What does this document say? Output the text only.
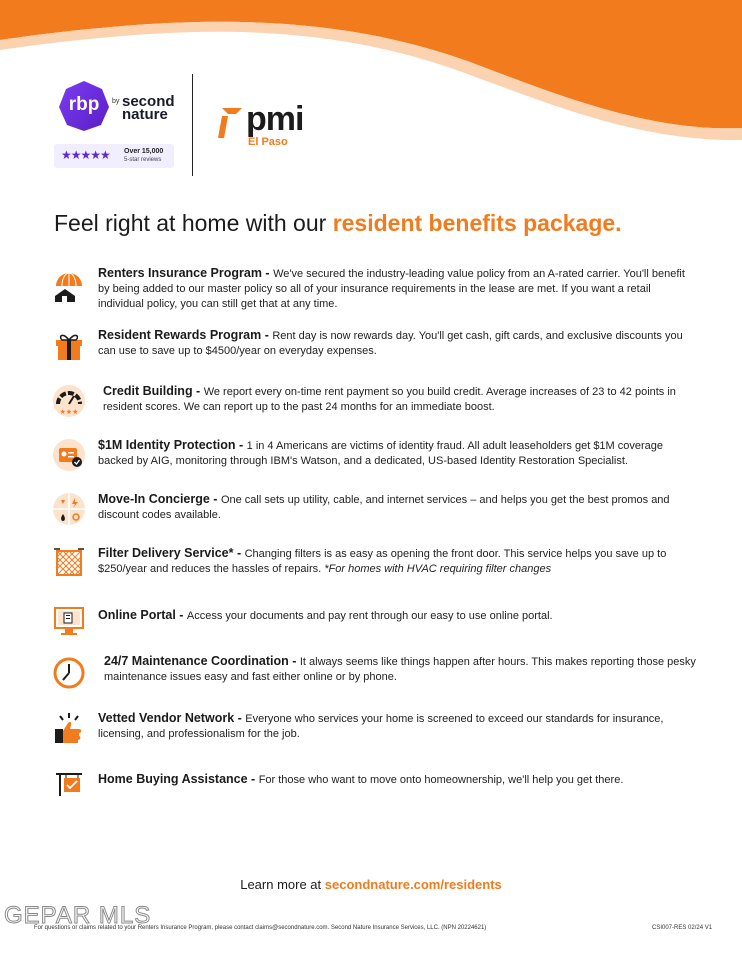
rbp	by second nature
★★★★★ Over 15,000
5-star reviews
pmi
El Paso
Feel right at home with our resident benefits package.
Renters Insurance Program - We've secured the industry-leading value policy from an A-rated carrier. You'll benefit by being added to our master policy so all of your insurance requirements in the lease are met. If you want a retail individual policy, you can still get that at any time.
Resident Rewards Program - Rent day is now rewards day. You'll get cash, gift cards, and exclusive discounts you can use to save up to $4500/year on everyday expenses.
★★★
Credit Building - We report every on-time rent payment so you build credit. Average increases of 23 to 42 points in resident scores. We can report up to the past 24 months for an immediate boost.
$1M Identity Protection - 1 in 4 Americans are victims of identity fraud. All adult leaseholders get $1M coverage backed by AIG, monitoring through IBM's Watson, and a dedicated, US-based Identity Restoration Specialist.
Move-In Concierge - One call sets up utility, cable, and internet services – and helps you get the best promos and discount codes available.
Filter Delivery Service* - Changing filters is as easy as opening the front door. This service helps you save up to $250/year and reduces the hassles of repairs. *For homes with HVAC requiring filter changes
Online Portal - Access your documents and pay rent through our easy to use online portal.
24/7 Maintenance Coordination - It always seems like things happen after hours. This makes reporting those pesky maintenance issues easy and fast either online or by phone.
Vetted Vendor Network - Everyone who services your home is screened to exceed our standards for insurance, licensing, and professionalism for the job.
Home Buying Assistance - For those who want to move onto homeownership, we'll help you get there.
Learn more at secondnature.com/residents
GEPAR MLS
For questions or claims related to your Renters Insurance Program, please contact claims@secondnature.com. Second Nature Insurance Services, LLC. (NPN 20224621)	CSI007-RES 02/24 V1
